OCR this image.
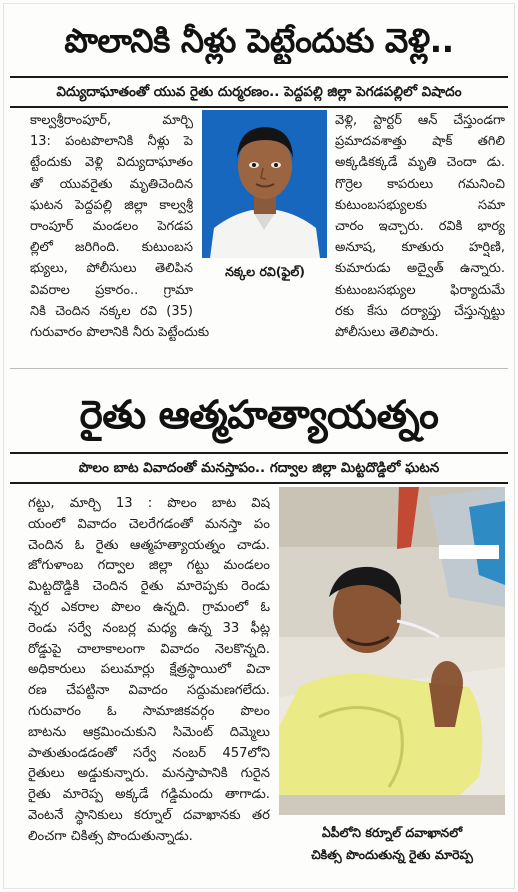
పొలానికి నీళ్లు పెట్టేందుకు వెళ్లి..
విద్యుదాఘాతంతో యువ రైతు దుర్మరణం.. పెద్దపల్లి జిల్లా పెగడపల్లిలో విషాదం
కాల్వశ్రీరాంపూర్, మార్చి
13: పంటపొలానికి నీళ్లు పె
ట్టేందుకు వెళ్లి విద్యుదాఘాతం
తో యువరైతు మృతిచెందిన
ఘటన పెద్దపల్లి జిల్లా కాల్వశ్రీ
రాంపూర్ మండలం పెగడప
ల్లిలో జరిగింది. కుటుంబస
భ్యులు, పోలీసులు తెలిపిన
వివరాల ప్రకారం.. గ్రామా
నికి చెందిన నక్కల రవి (35)
గురువారం పొలానికి నీరు పెట్టేందుకు
నక్కల రవి(ఫైల్)
వెళ్లి, స్టార్టర్ ఆన్ చేస్తుండగా
ప్రమాదవశాత్తు షాక్ తగిలి
అక్కడికక్కడే మృతి చెందా డు.
గొర్రెల కాపరులు గమనించి
కుటుంబసభ్యులకు సమా
చారం ఇచ్చారు. రవికి భార్య
అనూష, కూతురు హర్షిణి,
కుమారుడు అద్వైత్ ఉన్నారు.
కుటుంబసభ్యుల ఫిర్యాదుమే
రకు కేసు దర్యాప్తు చేస్తున్నట్టు
పోలీసులు తెలిపారు.
రైతు ఆత్మహత్యాయత్నం
పొలం బాట వివాదంతో మనస్తాపం.. గద్వాల జిల్లా మిట్టదొడ్డిలో ఘటన
గట్టు, మార్చి 13 : పొలం బాట విష
యంలో వివాదం చెలరేగడంతో మనస్తా పం
చెందిన ఓ రైతు ఆత్మహత్యాయత్నం చాడు.
జోగుళాంబ గద్వాల జిల్లా గట్టు మండలం
మిట్టదొడ్డికి చెందిన రైతు మారెప్పకు రెండు
న్నర ఎకరాల పొలం ఉన్నది. గ్రామంలో ఓ
రెండు సర్వే నంబర్ల మధ్య ఉన్న 33 ఫీట్ల
రోడ్డుపై చాలాకాలంగా వివాదం నెలకొన్నది.
అధికారులు పలుమార్లు క్షేత్రస్థాయిలో విచా
రణ చేపట్టినా వివాదం సద్దుమణగలేదు.
గురువారం ఓ సామాజికవర్గం పొలం
బాటను ఆక్రమించుకుని సిమెంట్ దిమ్మెలు
పాతుతుండడంతో సర్వే నంబర్ 457లోని
రైతులు అడ్డుకున్నారు. మనస్తాపానికి గురైన
రైతు మారెప్ప అక్కడే గడ్డిమందు తాగాడు.
వెంటనే స్థానికులు కర్నూల్ దవాఖానకు తర
లించగా చికిత్స పొందుతున్నాడు.	ఏపీలోని కర్నూల్ దవాఖానలో
చికిత్స పొందుతున్న రైతు మారెప్ప
